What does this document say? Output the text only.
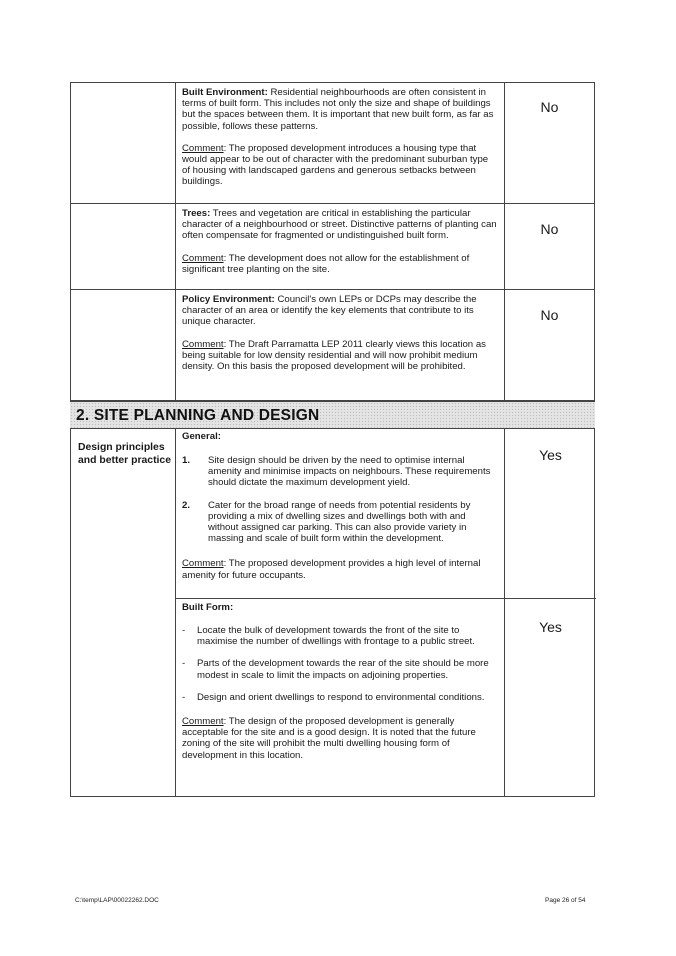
Built Environment: Residential neighbourhoods are often consistent in terms of built form. This includes not only the size and shape of buildings but the spaces between them. It is important that new built form, as far as possible, follows these patterns.
Comment: The proposed development introduces a housing type that would appear to be out of character with the predominant suburban type of housing with landscaped gardens and generous setbacks between buildings.
No
Trees: Trees and vegetation are critical in establishing the particular character of a neighbourhood or street. Distinctive patterns of planting can often compensate for fragmented or undistinguished built form.
Comment: The development does not allow for the establishment of significant tree planting on the site.
No
Policy Environment: Council's own LEPs or DCPs may describe the character of an area or identify the key elements that contribute to its unique character.
Comment: The Draft Parramatta LEP 2011 clearly views this location as being suitable for low density residential and will now prohibit medium density. On this basis the proposed development will be prohibited.
No
2. SITE PLANNING AND DESIGN
Design principles and better practice
General:
1. Site design should be driven by the need to optimise internal amenity and minimise impacts on neighbours. These requirements should dictate the maximum development yield.
2. Cater for the broad range of needs from potential residents by providing a mix of dwelling sizes and dwellings both with and without assigned car parking. This can also provide variety in massing and scale of built form within the development.
Comment: The proposed development provides a high level of internal amenity for future occupants.
Yes
Built Form:
- Locate the bulk of development towards the front of the site to maximise the number of dwellings with frontage to a public street.
- Parts of the development towards the rear of the site should be more modest in scale to limit the impacts on adjoining properties.
- Design and orient dwellings to respond to environmental conditions.
Comment: The design of the proposed development is generally acceptable for the site and is a good design. It is noted that the future zoning of the site will prohibit the multi dwelling housing form of development in this location.
Yes
C:\temp\LAP\00022262.DOC	Page 26 of 54
